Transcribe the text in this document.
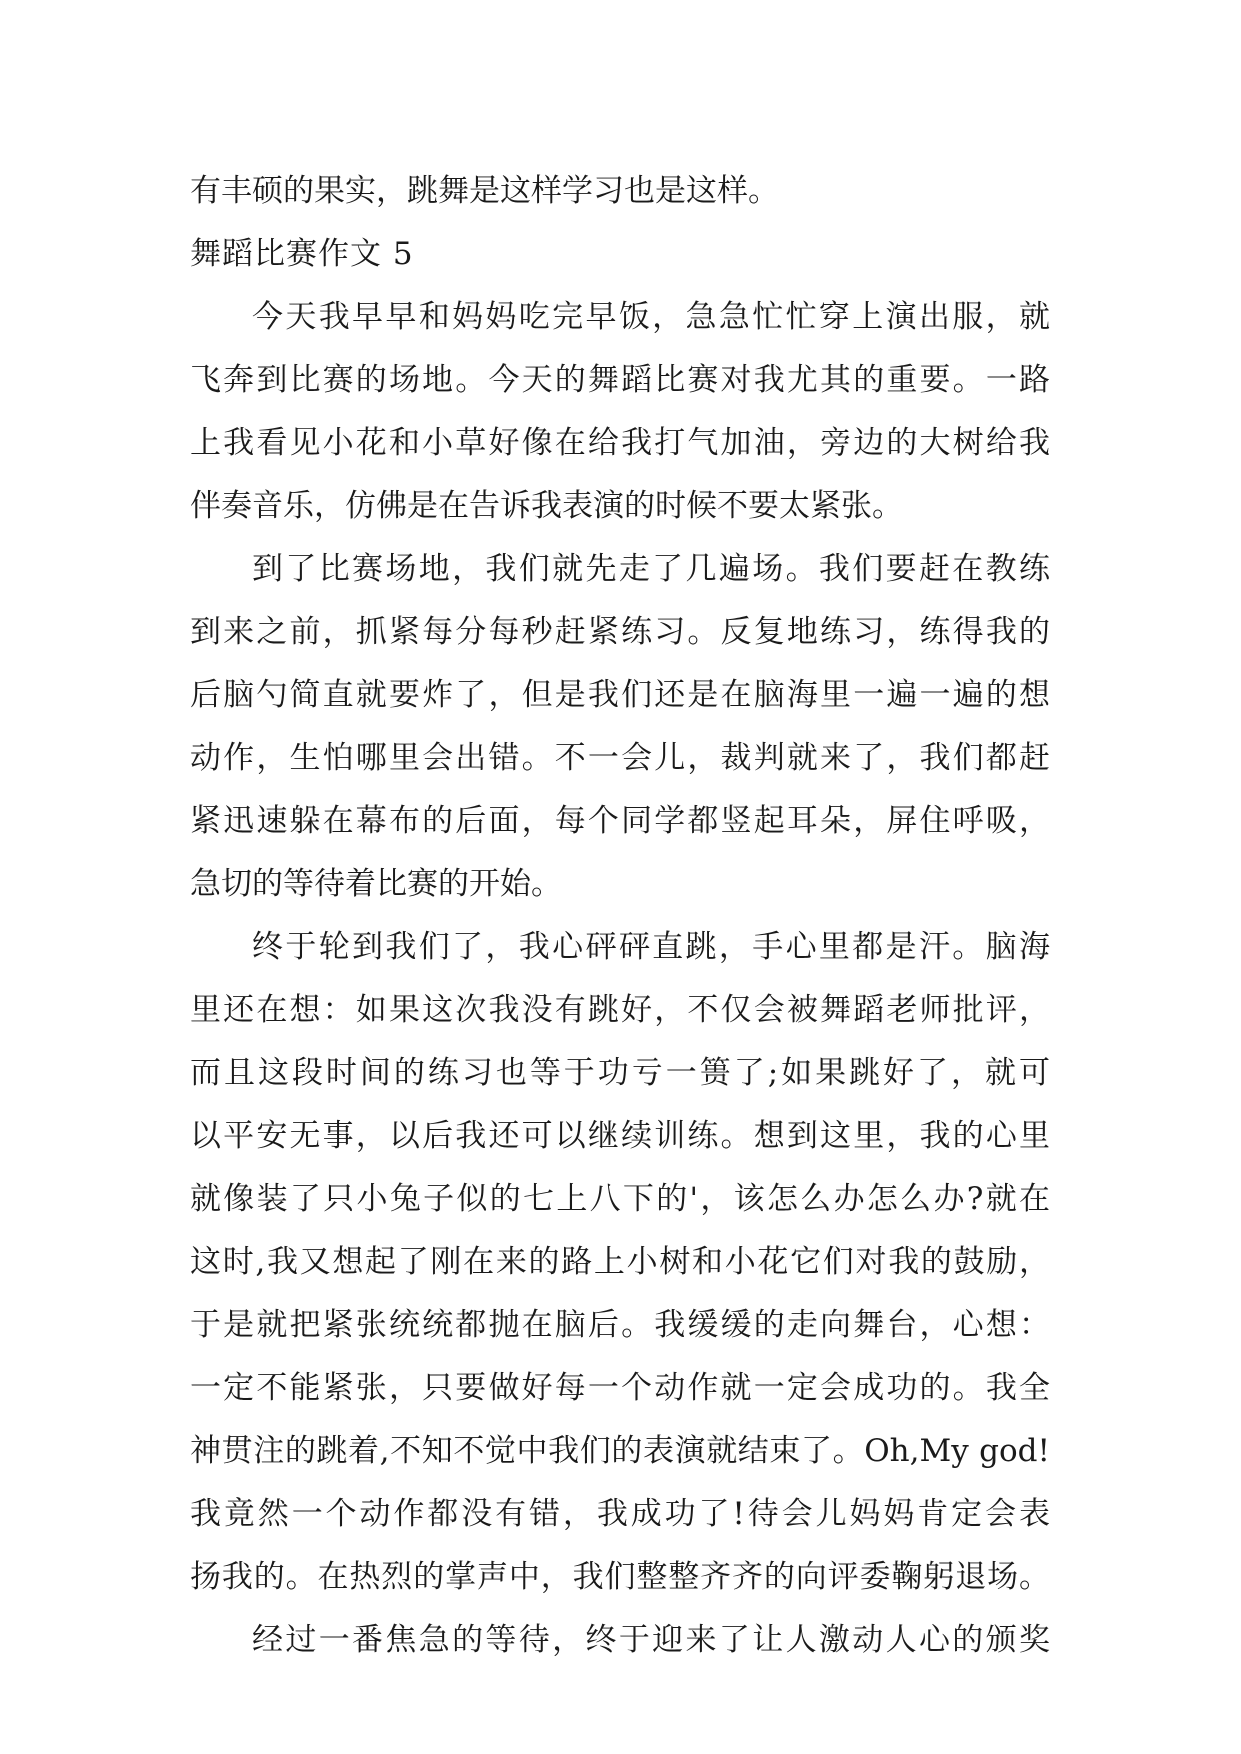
有丰硕的果实，跳舞是这样学习也是这样。
舞蹈比赛作文 5
今天我早早和妈妈吃完早饭，急急忙忙穿上演出服，就
飞奔到比赛的场地。今天的舞蹈比赛对我尤其的重要。一路
上我看见小花和小草好像在给我打气加油，旁边的大树给我
伴奏音乐，仿佛是在告诉我表演的时候不要太紧张。
到了比赛场地，我们就先走了几遍场。我们要赶在教练
到来之前，抓紧每分每秒赶紧练习。反复地练习，练得我的
后脑勺简直就要炸了，但是我们还是在脑海里一遍一遍的想
动作，生怕哪里会出错。不一会儿，裁判就来了，我们都赶
紧迅速躲在幕布的后面，每个同学都竖起耳朵，屏住呼吸，
急切的等待着比赛的开始。
终于轮到我们了，我心砰砰直跳，手心里都是汗。脑海
里还在想：如果这次我没有跳好，不仅会被舞蹈老师批评，
而且这段时间的练习也等于功亏一篑了;如果跳好了，就可
以平安无事，以后我还可以继续训练。想到这里，我的心里
就像装了只小兔子似的七上八下的'，该怎么办怎么办?就在
这时,我又想起了刚在来的路上小树和小花它们对我的鼓励，
于是就把紧张统统都抛在脑后。我缓缓的走向舞台，心想：
一定不能紧张，只要做好每一个动作就一定会成功的。我全
神贯注的跳着,不知不觉中我们的表演就结束了。Oh,My god!
我竟然一个动作都没有错，我成功了!待会儿妈妈肯定会表
扬我的。在热烈的掌声中，我们整整齐齐的向评委鞠躬退场。
经过一番焦急的等待，终于迎来了让人激动人心的颁奖
